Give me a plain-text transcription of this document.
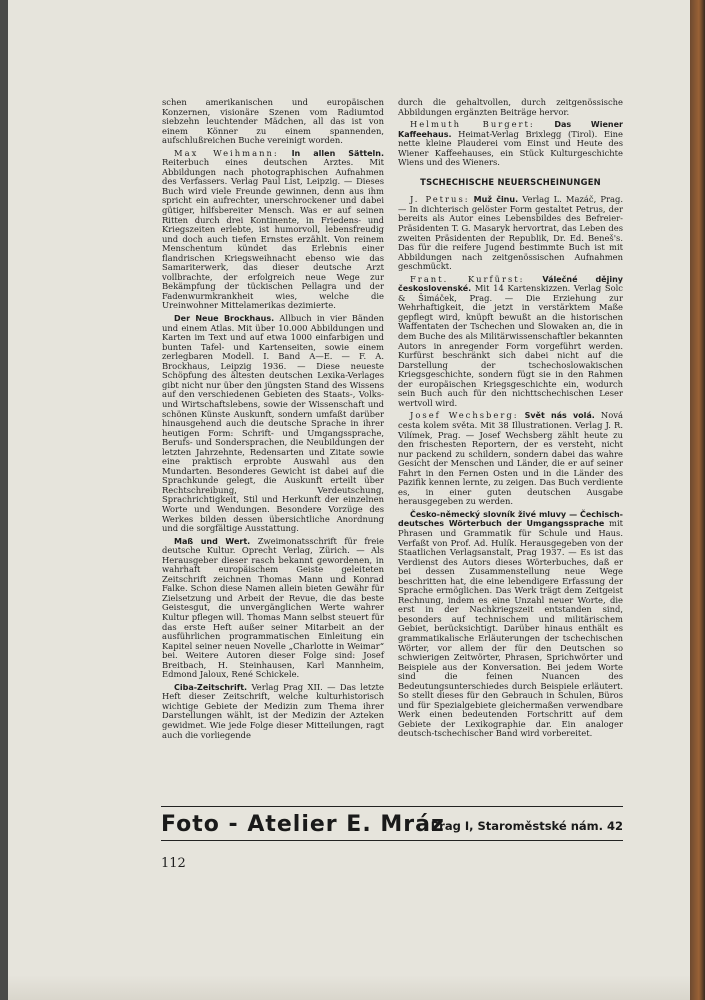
schen amerikanischen und europäischen Konzernen, visionäre Szenen vom Radiumtod siebzehn leuchtender Mädchen, all das ist von einem Könner zu einem spannenden, aufschlußreichen Buche vereinigt worden.

Max Weihmann: In allen Sätteln. Reiterbuch eines deutschen Arztes. Mit Abbildungen nach photographischen Aufnahmen des Verfassers. Verlag Paul List, Leipzig. — Dieses Buch wird viele Freunde gewinnen, denn aus ihm spricht ein aufrechter, unerschrockener und dabei gütiger, hilfsbereiter Mensch. Was er auf seinen Ritten durch drei Kontinente, in Friedens- und Kriegszeiten erlebte, ist humorvoll, lebensfreudig und doch auch tiefen Ernstes erzählt. Von reinem Menschentum kündet das Erlebnis einer flandrischen Kriegsweihnacht ebenso wie das Samariterwerk, das dieser deutsche Arzt vollbrachte, der erfolgreich neue Wege zur Bekämpfung der tückischen Pellagra und der Fadenwurmkrankheit wies, welche die Ureinwohner Mittelamerikas dezimierte.

Der Neue Brockhaus. Allbuch in vier Bänden und einem Atlas. Mit über 10.000 Abbildungen und Karten im Text und auf etwa 1000 einfarbigen und bunten Tafel- und Kartenseiten, sowie einem zerlegbaren Modell. I. Band A—E. — F. A. Brockhaus, Leipzig 1936. — Diese neueste Schöpfung des ältesten deutschen Lexika-Verlages gibt nicht nur über den jüngsten Stand des Wissens auf den verschiedenen Gebieten des Staats-, Volks- und Wirtschaftslebens, sowie der Wissenschaft und schönen Künste Auskunft, sondern umfaßt darüber hinausgehend auch die deutsche Sprache in ihrer heutigen Form: Schrift- und Umgangssprache, Berufs- und Sondersprachen, die Neubildungen der letzten Jahrzehnte, Redensarten und Zitate sowie eine praktisch erprobte Auswahl aus den Mundarten. Besonderes Gewicht ist dabei auf die Sprachkunde gelegt, die Auskunft erteilt über Rechtschreibung, Verdeutschung, Sprachrichtigkeit, Stil und Herkunft der einzelnen Worte und Wendungen. Besondere Vorzüge des Werkes bilden dessen übersichtliche Anordnung und die sorgfältige Ausstattung.

Maß und Wert. Zweimonatsschrift für freie deutsche Kultur. Oprecht Verlag, Zürich. — Als Herausgeber dieser rasch bekannt gewordenen, in wahrhaft europäischem Geiste geleiteten Zeitschrift zeichnen Thomas Mann und Konrad Falke. Schon diese Namen allein bieten Gewähr für Zielsetzung und Arbeit der Revue, die das beste Geistesgut, die unvergänglichen Werte wahrer Kultur pflegen will. Thomas Mann selbst steuert für das erste Heft außer seiner Mitarbeit an der ausführlichen programmatischen Einleitung ein Kapitel seiner neuen Novelle „Charlotte in Weimar“ bei. Weitere Autoren dieser Folge sind: Josef Breitbach, H. Steinhausen, Karl Mannheim, Edmond Jaloux, René Schickele.

Ciba-Zeitschrift. Verlag Prag XII. — Das letzte Heft dieser Zeitschrift, welche kulturhistorisch wichtige Gebiete der Medizin zum Thema ihrer Darstellungen wählt, ist der Medizin der Azteken gewidmet. Wie jede Folge dieser Mitteilungen, ragt auch die vorliegende

durch die gehaltvollen, durch zeitgenössische Abbildungen ergänzten Beiträge hervor.

Helmuth Burgert: Das Wiener Kaffeehaus. Heimat-Verlag Brixlegg (Tirol). Eine nette kleine Plauderei vom Einst und Heute des Wiener Kaffeehauses, ein Stück Kulturgeschichte Wiens und des Wieners.

TSCHECHISCHE NEUERSCHEINUNGEN

J. Petrus: Muž činu. Verlag L. Mazáč, Prag. — In dichterisch gelöster Form gestaltet Petrus, der bereits als Autor eines Lebensbildes des Befreier-Präsidenten T. G. Masaryk hervortrat, das Leben des zweiten Präsidenten der Republik, Dr. Ed. Beneš's. Das für die reifere Jugend bestimmte Buch ist mit Abbildungen nach zeitgenössischen Aufnahmen geschmückt.

Frant. Kurfürst: Válečné dějiny československé. Mit 14 Kartenskizzen. Verlag Šolc & Šimáček, Prag. — Die Erziehung zur Wehrhaftigkeit, die jetzt in verstärktem Maße gepflegt wird, knüpft bewußt an die historischen Waffentaten der Tschechen und Slowaken an, die in dem Buche des als Militärwissenschaftler bekannten Autors in anregender Form vorgeführt werden. Kurfürst beschränkt sich dabei nicht auf die Darstellung der tschechoslowakischen Kriegsgeschichte, sondern fügt sie in den Rahmen der europäischen Kriegsgeschichte ein, wodurch sein Buch auch für den nichttschechischen Leser wertvoll wird.

Josef Wechsberg: Svět nás volá. Nová cesta kolem světa. Mit 38 Illustrationen. Verlag J. R. Vilímek, Prag. — Josef Wechsberg zählt heute zu den frischesten Reportern, der es versteht, nicht nur packend zu schildern, sondern dabei das wahre Gesicht der Menschen und Länder, die er auf seiner Fahrt in den Fernen Osten und in die Länder des Pazifik kennen lernte, zu zeigen. Das Buch verdiente es, in einer guten deutschen Ausgabe herausgegeben zu werden.

Česko-německý slovník živé mluvy — Čechisch-deutsches Wörterbuch der Umgangssprache mit Phrasen und Grammatik für Schule und Haus. Verfaßt von Prof. Ad. Hulík. Herausgegeben von der Staatlichen Verlagsanstalt, Prag 1937. — Es ist das Verdienst des Autors dieses Wörterbuches, daß er bei dessen Zusammenstellung neue Wege beschritten hat, die eine lebendigere Erfassung der Sprache ermöglichen. Das Werk trägt dem Zeitgeist Rechnung, indem es eine Unzahl neuer Worte, die erst in der Nachkriegszeit entstanden sind, besonders auf technischem und militärischem Gebiet, berücksichtigt. Darüber hinaus enthält es grammatikalische Erläuterungen der tschechischen Wörter, vor allem der für den Deutschen so schwierigen Zeitwörter, Phrasen, Sprichwörter und Beispiele aus der Konversation. Bei jedem Worte sind die feinen Nuancen des Bedeutungsunterschiedes durch Beispiele erläutert. So stellt dieses für den Gebrauch in Schulen, Büros und für Spezialgebiete gleichermaßen verwendbare Werk einen bedeutenden Fortschritt auf dem Gebiete der Lexikographie dar. Ein analoger deutsch-tschechischer Band wird vorbereitet.

Foto - Atelier E. Mráz
Prag I, Staroměstské nám. 42
112
